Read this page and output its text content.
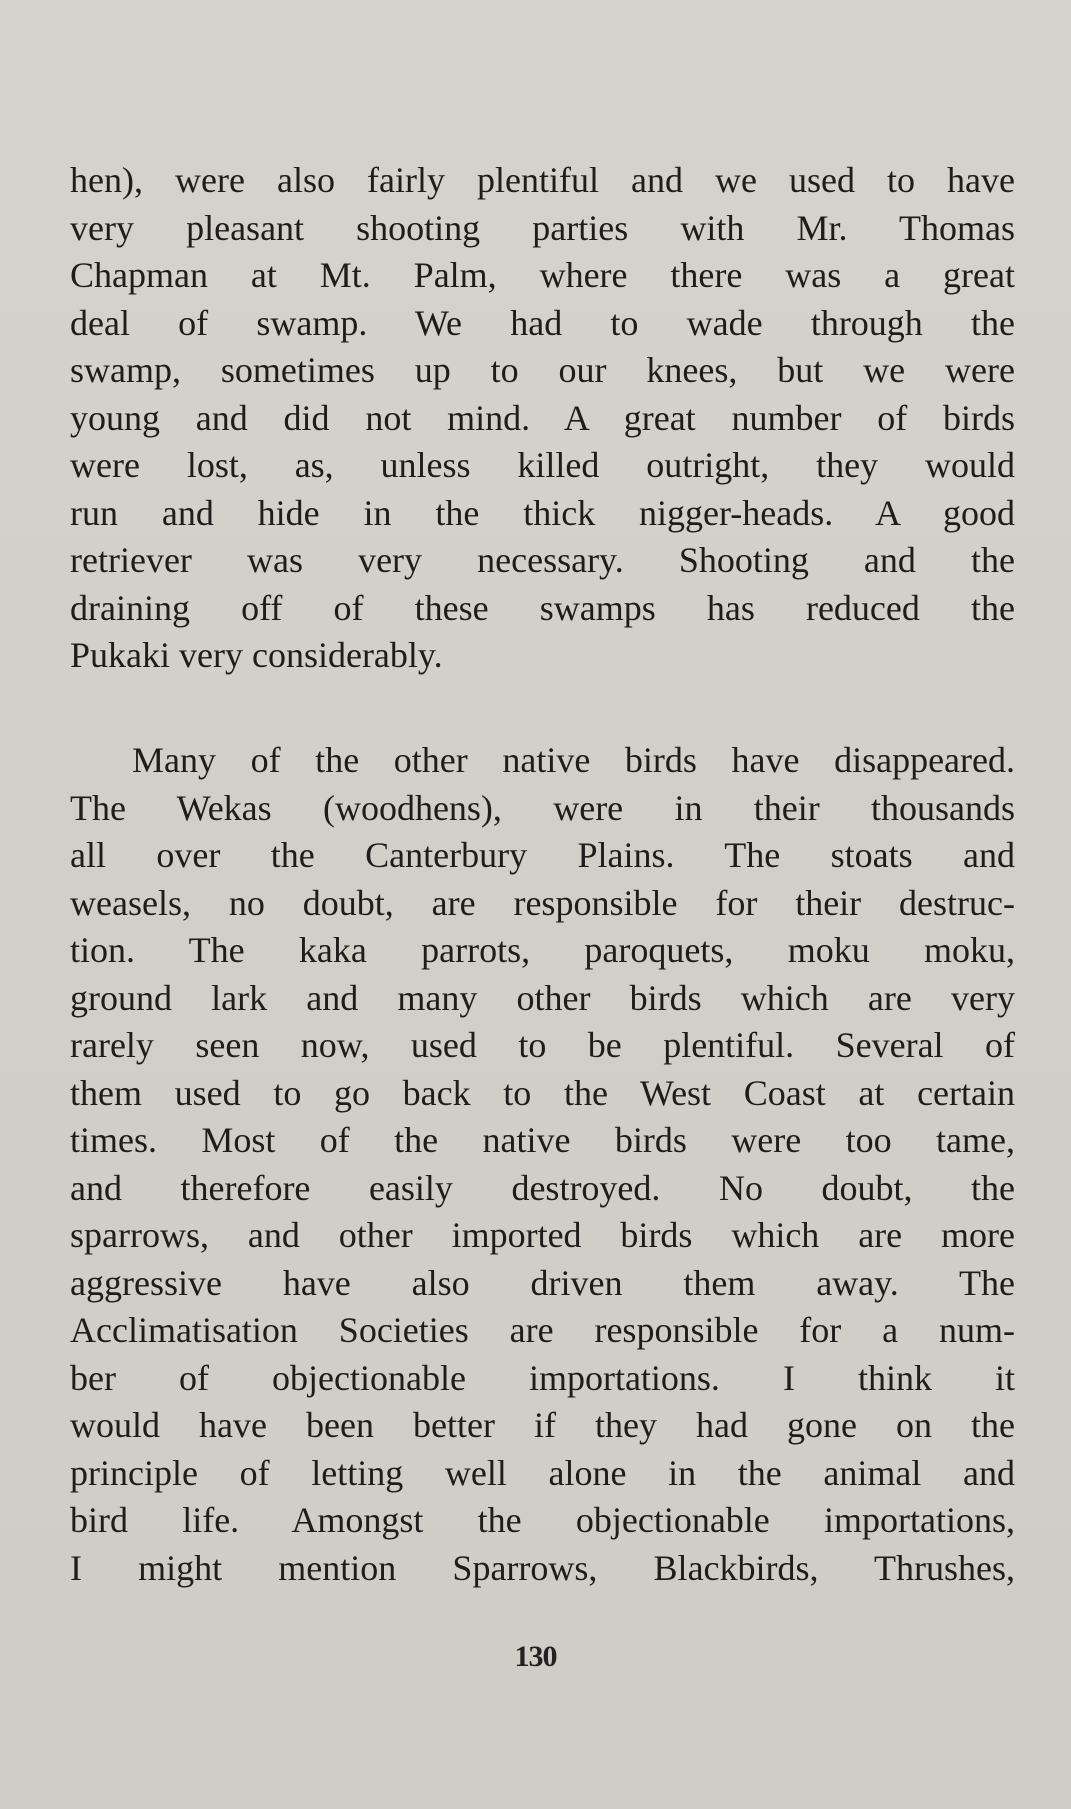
hen), were also fairly plentiful and we used to have
very pleasant shooting parties with Mr. Thomas
Chapman at Mt. Palm, where there was a great
deal of swamp. We had to wade through the
swamp, sometimes up to our knees, but we were
young and did not mind. A great number of birds
were lost, as, unless killed outright, they would
run and hide in the thick nigger-heads. A good
retriever was very necessary. Shooting and the
draining off of these swamps has reduced the
Pukaki very considerably.
Many of the other native birds have disappeared.
The Wekas (woodhens), were in their thousands
all over the Canterbury Plains. The stoats and
weasels, no doubt, are responsible for their destruc-
tion. The kaka parrots, paroquets, moku moku,
ground lark and many other birds which are very
rarely seen now, used to be plentiful. Several of
them used to go back to the West Coast at certain
times. Most of the native birds were too tame,
and therefore easily destroyed. No doubt, the
sparrows, and other imported birds which are more
aggressive have also driven them away. The
Acclimatisation Societies are responsible for a num-
ber of objectionable importations. I think it
would have been better if they had gone on the
principle of letting well alone in the animal and
bird life. Amongst the objectionable importations,
I might mention Sparrows, Blackbirds, Thrushes,
130
